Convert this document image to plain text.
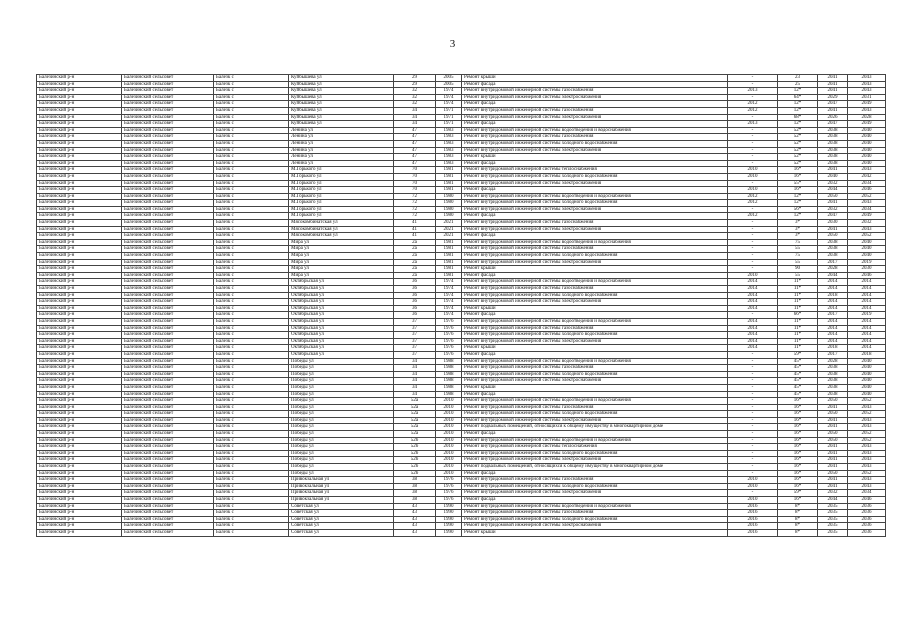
3
Балезинский р-н	Балезинский сельсовет	Балезк с	Куйбышева ул	29	2005	Ремонт крыши	-	23	2041	2043
Балезинский р-н	Балезинский сельсовет	Балезк с	Куйбышева ул	29	2005	Ремонт фасада	-	25	2041	2043
Балезинский р-н	Балезинский сельсовет	Балезк с	Куйбышева ул	32	1974	Ремонт внутридомовой инженерной системы газоснабжения	2013	12*	2041	2043
Балезинский р-н	Балезинский сельсовет	Балезк с	Куйбышева ул	32	1974	Ремонт внутридомовой инженерной системы электроснабжения	-	64*	2029	2031
Балезинский р-н	Балезинский сельсовет	Балезк с	Куйбышева ул	32	1974	Ремонт фасада	2012	12*	2047	2049
Балезинский р-н	Балезинский сельсовет	Балезк с	Куйбышева ул	34	1971	Ремонт внутридомовой инженерной системы газоснабжения	2012	12*	2041	2043
Балезинский р-н	Балезинский сельсовет	Балезк с	Куйбышева ул	34	1971	Ремонт внутридомовой инженерной системы электроснабжения	-	68*	2026	2028
Балезинский р-н	Балезинский сельсовет	Балезк с	Куйбышева ул	34	1971	Ремонт фасада	2013	12*	2047	2049
Балезинский р-н	Балезинский сельсовет	Балезк с	Ленина ул	47	1983	Ремонт внутридомовой инженерной системы водоотведения и водоснабжения	-	52*	2038	2040
Балезинский р-н	Балезинский сельсовет	Балезк с	Ленина ул	47	1983	Ремонт внутридомовой инженерной системы газоснабжения	-	52*	2038	2040
Балезинский р-н	Балезинский сельсовет	Балезк с	Ленина ул	47	1983	Ремонт внутридомовой инженерной системы холодного водоснабжения	-	52*	2038	2040
Балезинский р-н	Балезинский сельсовет	Балезк с	Ленина ул	47	1983	Ремонт внутридомовой инженерной системы электроснабжения	-	52*	2038	2040
Балезинский р-н	Балезинский сельсовет	Балезк с	Ленина ул	47	1983	Ремонт крыши	-	52*	2038	2040
Балезинский р-н	Балезинский сельсовет	Балезк с	Ленина ул	47	1983	Ремонт фасада	-	52*	2038	2040
Балезинский р-н	Балезинский сельсовет	Балезк с	М.Горького ул	70	1981	Ремонт внутридомовой инженерной системы теплоснабжения	2010	16*	2041	2043
Балезинский р-н	Балезинский сельсовет	Балезк с	М.Горького ул	70	1981	Ремонт внутридомовой инженерной системы холодного водоснабжения	2010	16*	2040	2042
Балезинский р-н	Балезинский сельсовет	Балезк с	М.Горького ул	70	1981	Ремонт внутридомовой инженерной системы электроснабжения	-	55*	2032	2034
Балезинский р-н	Балезинский сельсовет	Балезк с	М.Горького ул	70	1981	Ремонт фасада	2010	16*	2044	2046
Балезинский р-н	Балезинский сельсовет	Балезк с	М.Горького ул	72	1980	Ремонт внутридомовой инженерной системы водоотведения и водоснабжения	2012	12*	2050	2052
Балезинский р-н	Балезинский сельсовет	Балезк с	М.Горького ул	72	1980	Ремонт внутридомовой инженерной системы холодного водоснабжения	2012	12*	2041	2043
Балезинский р-н	Балезинский сельсовет	Балезк с	М.Горького ул	72	1980	Ремонт внутридомовой инженерной системы электроснабжения	-	56*	2032	2034
Балезинский р-н	Балезинский сельсовет	Балезк с	М.Горького ул	72	1980	Ремонт фасада	2012	12*	2047	2049
Балезинский р-н	Балезинский сельсовет	Балезк с	Мясокомбинатская ул	41	2021	Ремонт внутридомовой инженерной системы газоснабжения	-	3*	2030	2032
Балезинский р-н	Балезинский сельсовет	Балезк с	Мясокомбинатская ул	41	2021	Ремонт внутридомовой инженерной системы электроснабжения	-	3*	2041	2043
Балезинский р-н	Балезинский сельсовет	Балезк с	Мясокомбинатская ул	41	2021	Ремонт фасада	-	3*	2050	2052
Балезинский р-н	Балезинский сельсовет	Балезк с	Мира ул	2а	1981	Ремонт внутридомовой инженерной системы водоотведения и водоснабжения	-	75	2038	2040
Балезинский р-н	Балезинский сельсовет	Балезк с	Мира ул	2а	1981	Ремонт внутридомовой инженерной системы газоснабжения	-	55	2038	2040
Балезинский р-н	Балезинский сельсовет	Балезк с	Мира ул	2а	1981	Ремонт внутридомовой инженерной системы холодного водоснабжения	-	75	2038	2040
Балезинский р-н	Балезинский сельсовет	Балезк с	Мира ул	2а	1981	Ремонт внутридомовой инженерной системы электроснабжения	-	55	2017	2019
Балезинский р-н	Балезинский сельсовет	Балезк с	Мира ул	2а	1981	Ремонт крыши	-	90	2028	2030
Балезинский р-н	Балезинский сельсовет	Балезк с	Мира ул	2а	1981	Ремонт фасада	2010	55	2044	2046
Балезинский р-н	Балезинский сельсовет	Балезк с	Октябрьская ул	36	1974	Ремонт внутридомовой инженерной системы водоотведения и водоснабжения	2014	11*	2014	2014
Балезинский р-н	Балезинский сельсовет	Балезк с	Октябрьская ул	36	1974	Ремонт внутридомовой инженерной системы газоснабжения	2014	11*	2014	2014
Балезинский р-н	Балезинский сельсовет	Балезк с	Октябрьская ул	36	1974	Ремонт внутридомовой инженерной системы холодного водоснабжения	2014	11*	2018	2014
Балезинский р-н	Балезинский сельсовет	Балезк с	Октябрьская ул	36	1974	Ремонт внутридомовой инженерной системы электроснабжения	2014	11*	2014	2014
Балезинский р-н	Балезинский сельсовет	Балезк с	Октябрьская ул	36	1974	Ремонт крыши	2014	11*	2014	2014
Балезинский р-н	Балезинский сельсовет	Балезк с	Октябрьская ул	36	1974	Ремонт фасада	-	66*	2017	2019
Балезинский р-н	Балезинский сельсовет	Балезк с	Октябрьская ул	37	1976	Ремонт внутридомовой инженерной системы водоотведения и водоснабжения	2014	11*	2014	2014
Балезинский р-н	Балезинский сельсовет	Балезк с	Октябрьская ул	37	1976	Ремонт внутридомовой инженерной системы газоснабжения	2014	11*	2014	2014
Балезинский р-н	Балезинский сельсовет	Балезк с	Октябрьская ул	37	1976	Ремонт внутридомовой инженерной системы холодного водоснабжения	2014	11*	2014	2014
Балезинский р-н	Балезинский сельсовет	Балезк с	Октябрьская ул	37	1976	Ремонт внутридомовой инженерной системы электроснабжения	2014	11*	2014	2014
Балезинский р-н	Балезинский сельсовет	Балезк с	Октябрьская ул	37	1976	Ремонт крыши	2014	11*	2018	2014
Балезинский р-н	Балезинский сельсовет	Балезк с	Октябрьская ул	37	1976	Ремонт фасада	-	59*	2017	2018
Балезинский р-н	Балезинский сельсовет	Балезк с	Победы ул	34	1988	Ремонт внутридомовой инженерной системы водоотведения и водоснабжения	-	45*	2028	2040
Балезинский р-н	Балезинский сельсовет	Балезк с	Победы ул	34	1988	Ремонт внутридомовой инженерной системы газоснабжения	-	45*	2038	2040
Балезинский р-н	Балезинский сельсовет	Балезк с	Победы ул	34	1988	Ремонт внутридомовой инженерной системы холодного водоснабжения	-	45*	2038	2040
Балезинский р-н	Балезинский сельсовет	Балезк с	Победы ул	34	1988	Ремонт внутридомовой инженерной системы электроснабжения	-	45*	2038	2040
Балезинский р-н	Балезинский сельсовет	Балезк с	Победы ул	34	1988	Ремонт крыши	-	45*	2038	2040
Балезинский р-н	Балезинский сельсовет	Балезк с	Победы ул	34	1988	Ремонт фасада	-	45*	2038	2040
Балезинский р-н	Балезинский сельсовет	Балезк с	Победы ул	52а	2010	Ремонт внутридомовой инженерной системы водоотведения и водоснабжения	-	16*	2050	2052
Балезинский р-н	Балезинский сельсовет	Балезк с	Победы ул	52а	2010	Ремонт внутридомовой инженерной системы газоснабжения	-	16*	2041	2043
Балезинский р-н	Балезинский сельсовет	Балезк с	Победы ул	52а	2010	Ремонт внутридомовой инженерной системы холодного водоснабжения	-	16*	2050	2052
Балезинский р-н	Балезинский сельсовет	Балезк с	Победы ул	52а	2010	Ремонт внутридомовой инженерной системы электроснабжения	-	16*	2041	2043
Балезинский р-н	Балезинский сельсовет	Балезк с	Победы ул	52а	2010	Ремонт подвальных помещений, относящихся к общему имуществу в многоквартирном доме	-	16*	2041	2043
Балезинский р-н	Балезинский сельсовет	Балезк с	Победы ул	52а	2010	Ремонт фасада	-	16*	2050	2052
Балезинский р-н	Балезинский сельсовет	Балезк с	Победы ул	52б	2010	Ремонт внутридомовой инженерной системы водоотведения и водоснабжения	-	16*	2050	2052
Балезинский р-н	Балезинский сельсовет	Балезк с	Победы ул	52б	2010	Ремонт внутридомовой инженерной системы теплоснабжения	-	16*	2041	2043
Балезинский р-н	Балезинский сельсовет	Балезк с	Победы ул	52б	2010	Ремонт внутридомовой инженерной системы холодного водоснабжения	-	16*	2041	2043
Балезинский р-н	Балезинский сельсовет	Балезк с	Победы ул	52б	2010	Ремонт внутридомовой инженерной системы электроснабжения	-	16*	2041	2043
Балезинский р-н	Балезинский сельсовет	Балезк с	Победы ул	52б	2010	Ремонт подвальных помещений, относящихся к общему имуществу в многоквартирном доме	-	16*	2041	2043
Балезинский р-н	Балезинский сельсовет	Балезк с	Победы ул	52б	2010	Ремонт фасада	-	16*	2050	2052
Балезинский р-н	Балезинский сельсовет	Балезк с	Привокзальная ул	38	1976	Ремонт внутридомовой инженерной системы газоснабжения	2010	16*	2041	2043
Балезинский р-н	Балезинский сельсовет	Балезк с	Привокзальная ул	38	1976	Ремонт внутридомовой инженерной системы холодного водоснабжения	2010	16*	2041	2043
Балезинский р-н	Балезинский сельсовет	Балезк с	Привокзальная ул	38	1976	Ремонт внутридомовой инженерной системы электроснабжения	-	59*	2032	2034
Балезинский р-н	Балезинский сельсовет	Балезк с	Привокзальная ул	38	1976	Ремонт фасада	2010	16*	2044	2046
Балезинский р-н	Балезинский сельсовет	Балезк с	Советская ул	43	1990	Ремонт внутридомовой инженерной системы водоотведения и водоснабжения	2016	8*	2035	2036
Балезинский р-н	Балезинский сельсовет	Балезк с	Советская ул	43	1990	Ремонт внутридомовой инженерной системы газоснабжения	2016	8*	2035	2036
Балезинский р-н	Балезинский сельсовет	Балезк с	Советская ул	43	1990	Ремонт внутридомовой инженерной системы холодного водоснабжения	2016	8*	2035	2036
Балезинский р-н	Балезинский сельсовет	Балезк с	Советская ул	43	1990	Ремонт внутридомовой инженерной системы электроснабжения	2016	8*	2035	2036
Балезинский р-н	Балезинский сельсовет	Балезк с	Советская ул	43	1990	Ремонт крыши	2016	8*	2035	2036
